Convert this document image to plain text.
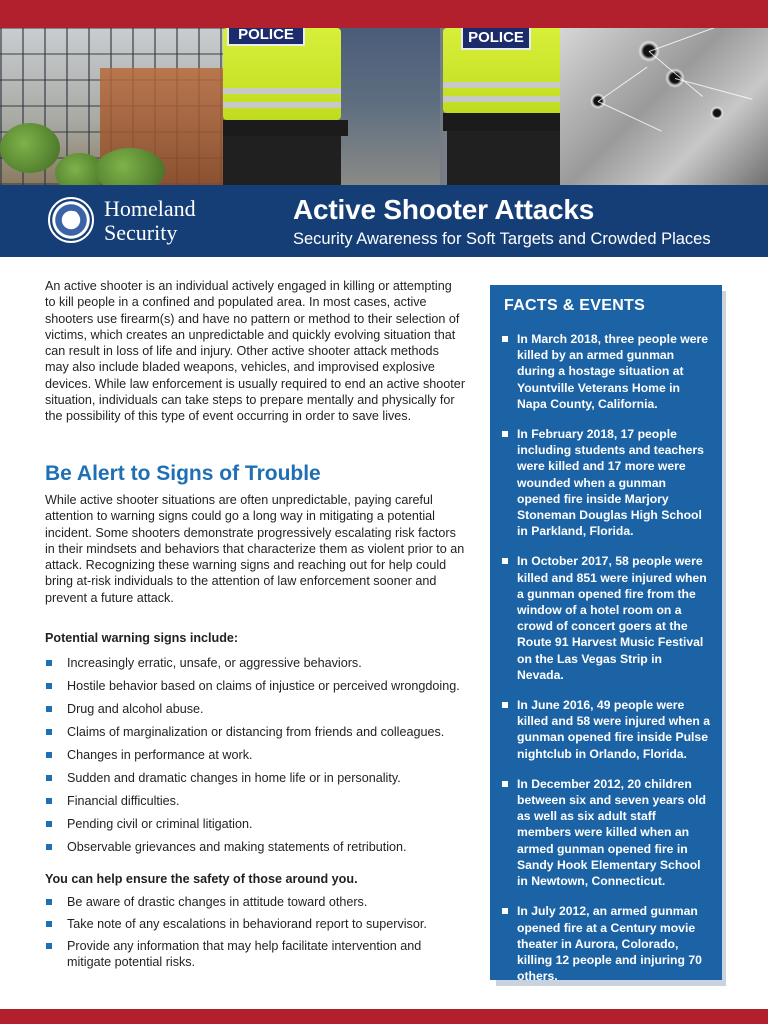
POLICE	POLICE
Homeland
Security
Active Shooter Attacks
Security Awareness for Soft Targets and Crowded Places

An active shooter is an individual actively engaged in killing or attempting to kill people in a confined and populated area. In most cases, active shooters use firearm(s) and have no pattern or method to their selection of victims, which creates an unpredictable and quickly evolving situation that can result in loss of life and injury. Other active shooter attack methods may also include bladed weapons, vehicles, and improvised explosive devices. While law enforcement is usually required to end an active shooter situation, individuals can take steps to prepare mentally and physically for the possibility of this type of event occurring in order to save lives.

Be Alert to Signs of Trouble

While active shooter situations are often unpredictable, paying careful attention to warning signs could go a long way in mitigating a potential incident. Some shooters demonstrate progressively escalating risk factors in their mindsets and behaviors that characterize them as violent prior to an attack. Recognizing these warning signs and reaching out for help could bring at-risk individuals to the attention of law enforcement sooner and prevent a future attack.

Potential warning signs include:
Increasingly erratic, unsafe, or aggressive behaviors.
Hostile behavior based on claims of injustice or perceived wrongdoing.
Drug and alcohol abuse.
Claims of marginalization or distancing from friends and colleagues.
Changes in performance at work.
Sudden and dramatic changes in home life or in personality.
Financial difficulties.
Pending civil or criminal litigation.
Observable grievances and making statements of retribution.
You can help ensure the safety of those around you.
Be aware of drastic changes in attitude toward others.
Take note of any escalations in behaviorand report to supervisor.
Provide any information that may help facilitate intervention and mitigate potential risks.
FACTS & EVENTS
In March 2018, three people were killed by an armed gunman during a hostage situation at Yountville Veterans Home in Napa County, California.
In February 2018, 17 people including students and teachers were killed and 17 more were wounded when a gunman opened fire inside Marjory Stoneman Douglas High School in Parkland, Florida.
In October 2017, 58 people were killed and 851 were injured when a gunman opened fire from the window of a hotel room on a crowd of concert goers at the Route 91 Harvest Music Festival on the Las Vegas Strip in Nevada.
In June 2016, 49 people were killed and 58 were injured when a gunman opened fire inside Pulse nightclub in Orlando, Florida.
In December 2012, 20 children between six and seven years old as well as six adult staff members were killed when an armed gunman opened fire in Sandy Hook Elementary School in Newtown, Connecticut.
In July 2012, an armed gunman opened fire at a Century movie theater in Aurora, Colorado, killing 12 people and injuring 70 others.
